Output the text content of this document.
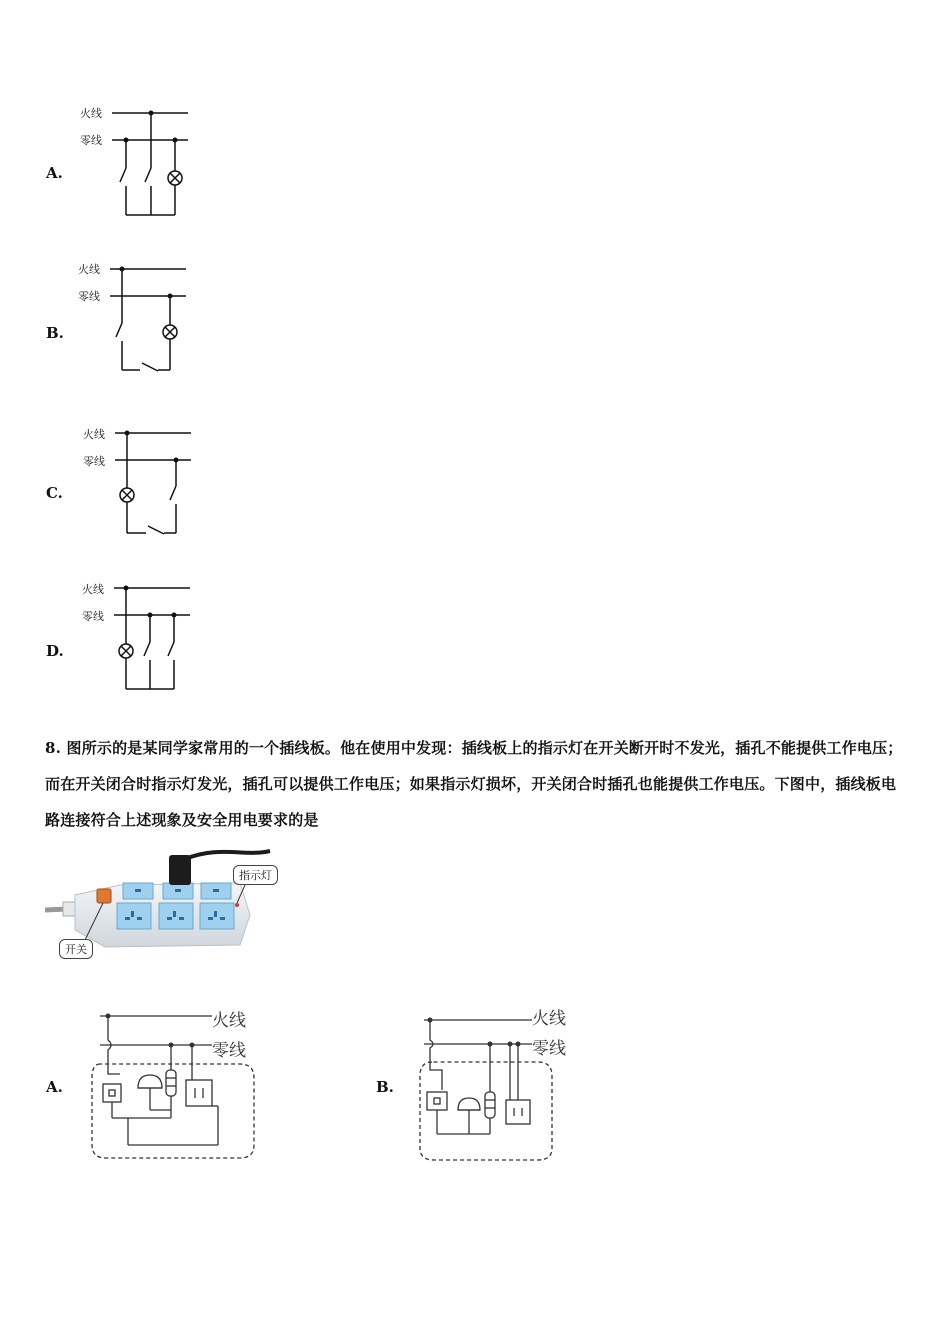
A.
火线
零线
B.
火线
零线
C.
火线
零线
D.
火线
零线
8. 图所示的是某同学家常用的一个插线板。他在使用中发现：插线板上的指示灯在开关断开时不发光，插孔不能提供工作电压；而在开关闭合时指示灯发光，插孔可以提供工作电压；如果指示灯损坏，开关闭合时插孔也能提供工作电压。下图中，插线板电路连接符合上述现象及安全用电要求的是
指示灯
开关
A.
火线
零线
B.
火线
零线
